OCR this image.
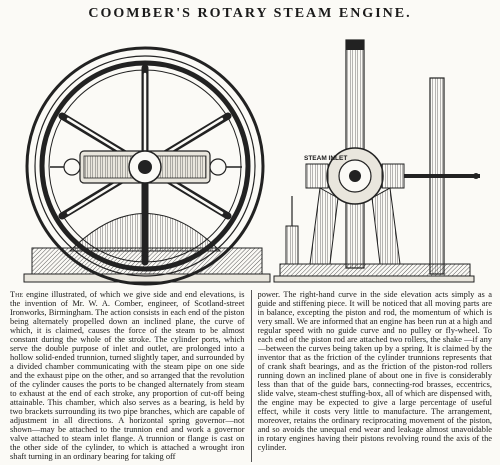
COOMBER'S ROTARY STEAM ENGINE.
STEAM INLET

The engine illustrated, of which we give side and end elevations, is the invention of Mr. W. A. Comber, engineer, of Scotland-street Ironworks, Birmingham. The action consists in each end of the piston being alternately propelled down an inclined plane, the curve of which, it is claimed, causes the force of the steam to be almost constant during the whole of the stroke. The cylinder ports, which serve the double purpose of inlet and outlet, are prolonged into a hollow solid-ended trunnion, turned slightly taper, and surrounded by a divided chamber communicating with the steam pipe on one side and the exhaust pipe on the other, and so arranged that the revolution of the cylinder causes the ports to be changed alternately from steam to exhaust at the end of each stroke, any proportion of cut-off being attainable. This chamber, which also serves as a bearing, is held by two brackets surrounding its two pipe branches, which are capable of adjustment in all directions. A horizontal spring governor—not shown—may be attached to the trunnion end and work a governor valve attached to steam inlet flange. A trunnion or flange is cast on the other side of the cylinder, to which is attached a wrought iron shaft turning in an ordinary bearing for taking off

power. The right-hand curve in the side elevation acts simply as a guide and stiffening piece. It will be noticed that all moving parts are in balance, excepting the piston and rod, the momentum of which is very small. We are informed that an engine has been run at a high and regular speed with no guide curve and no pulley or fly-wheel. To each end of the piston rod are attached two rollers, the shake —if any—between the curves being taken up by a spring. It is claimed by the inventor that as the friction of the cylinder trunnions represents that of crank shaft bearings, and as the friction of the piston-rod rollers running down an inclined plane of about one in five is considerably less than that of the guide bars, connecting-rod brasses, eccentrics, slide valve, steam-chest stuffing-box, all of which are dispensed with, the engine may be expected to give a large percentage of useful effect, while it costs very little to manufacture. The arrangement, moreover, retains the ordinary reciprocating movement of the piston, and so avoids the unequal end wear and leakage almost unavoidable in rotary engines having their pistons revolving round the axis of the cylinder.
